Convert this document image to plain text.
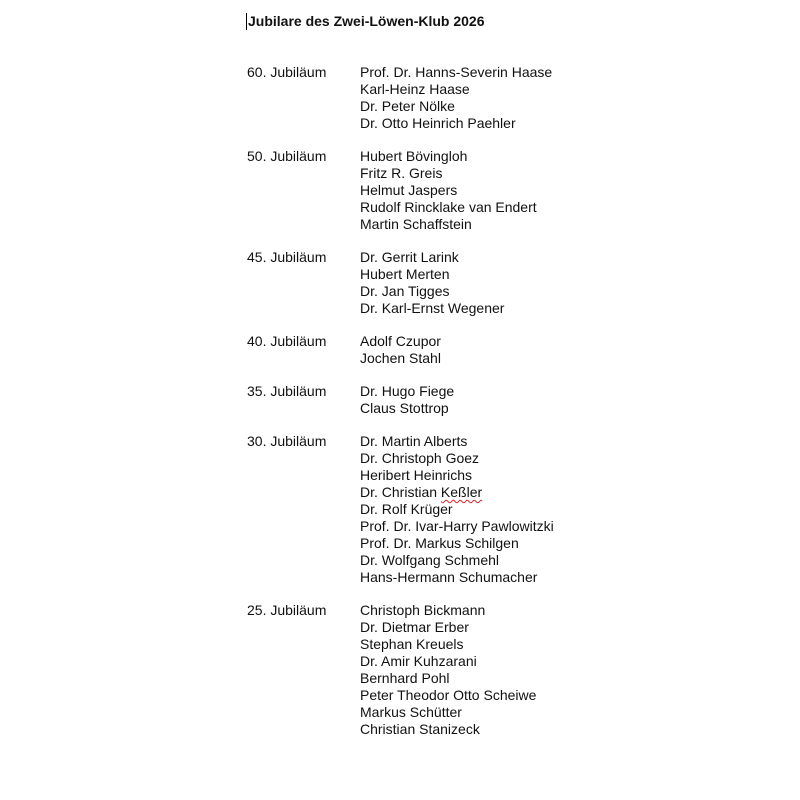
Jubilare des Zwei-Löwen-Klub 2026
60. Jubiläum	Prof. Dr. Hanns-Severin Haase
Karl-Heinz Haase
Dr. Peter Nölke
Dr. Otto Heinrich Paehler
50. Jubiläum	Hubert Bövingloh
Fritz R. Greis
Helmut Jaspers
Rudolf Rincklake van Endert
Martin Schaffstein
45. Jubiläum	Dr. Gerrit Larink
Hubert Merten
Dr. Jan Tigges
Dr. Karl-Ernst Wegener
40. Jubiläum	Adolf Czupor
Jochen Stahl
35. Jubiläum	Dr. Hugo Fiege
Claus Stottrop
30. Jubiläum	Dr. Martin Alberts
Dr. Christoph Goez
Heribert Heinrichs
Dr. Christian Keßler
Dr. Rolf Krüger
Prof. Dr. Ivar-Harry Pawlowitzki
Prof. Dr. Markus Schilgen
Dr. Wolfgang Schmehl
Hans-Hermann Schumacher
25. Jubiläum	Christoph Bickmann
Dr. Dietmar Erber
Stephan Kreuels
Dr. Amir Kuhzarani
Bernhard Pohl
Peter Theodor Otto Scheiwe
Markus Schütter
Christian Stanizeck
